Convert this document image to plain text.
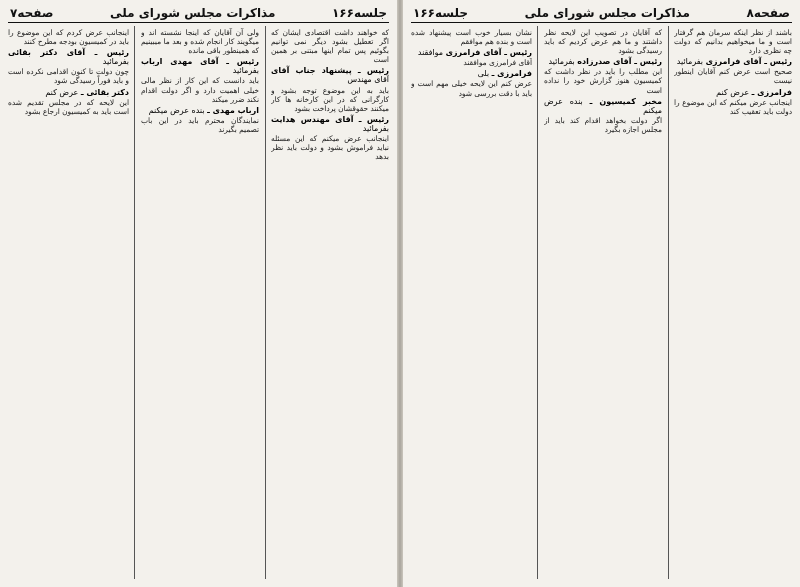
جلسه۱۶۶
مذاکرات مجلس شورای ملی
صفحه۷

که خواهند داشت اقتصادی ایشان که اگر تعطیل بشود دیگر نمی توانیم بگوئیم پس تمام اینها مبتنی بر همین است

رئیس ـ پیشنهاد جناب آقای آقای مهندس

باید به این موضوع توجه بشود و کارگرانی که در این کارخانه ها کار میکنند حقوقشان پرداخت بشود

رئیس ـ آقای مهندس هدایت بفرمائید

اینجانب عرض میکنم که این مسئله نباید فراموش بشود و دولت باید نظر بدهد

ولی آن آقایان که اینجا نشسته اند و میگویند کار انجام شده و بعد ما میبینیم که همینطور باقی مانده

رئیس ـ آقای مهدی ارباب بفرمائید

باید دانست که این کار از نظر مالی خیلی اهمیت دارد و اگر دولت اقدام نکند ضرر میکند

ارباب مهدی ـ بنده عرض میکنم

نمایندگان محترم باید در این باب تصمیم بگیرند

اینجانب عرض کردم که این موضوع را باید در کمیسیون بودجه مطرح کنند

رئیس ـ آقای دکتر بقائی بفرمائید

چون دولت تا کنون اقدامی نکرده است و باید فوراً رسیدگی شود

دکتر بقائی ـ عرض کنم

این لایحه که در مجلس تقدیم شده است باید به کمیسیون ارجاع بشود

صفحه۸
مذاکرات مجلس شورای ملی
جلسه۱۶۶

باشند از نظر اینکه سرمان هم گرفتار است و ما میخواهیم بدانیم که دولت چه نظری دارد

رئیس ـ آقای فرامرزی بفرمائید

صحیح است عرض کنم آقایان اینطور نیست

فرامرزی ـ عرض کنم

اینجانب عرض میکنم که این موضوع را دولت باید تعقیب کند

که آقایان در تصویب این لایحه نظر داشتند و ما هم عرض کردیم که باید رسیدگی بشود

رئیس ـ آقای صدرزاده بفرمائید

این مطلب را باید در نظر داشت که کمیسیون هنوز گزارش خود را نداده است

مخبر کمیسیون ـ بنده عرض میکنم

اگر دولت بخواهد اقدام کند باید از مجلس اجازه بگیرد

نشان بسیار خوب است پیشنهاد شده است و بنده هم موافقم

رئیس ـ آقای فرامرزی موافقند

آقای فرامرزی موافقند

فرامرزی ـ بلی

عرض کنم این لایحه خیلی مهم است و باید با دقت بررسی شود
